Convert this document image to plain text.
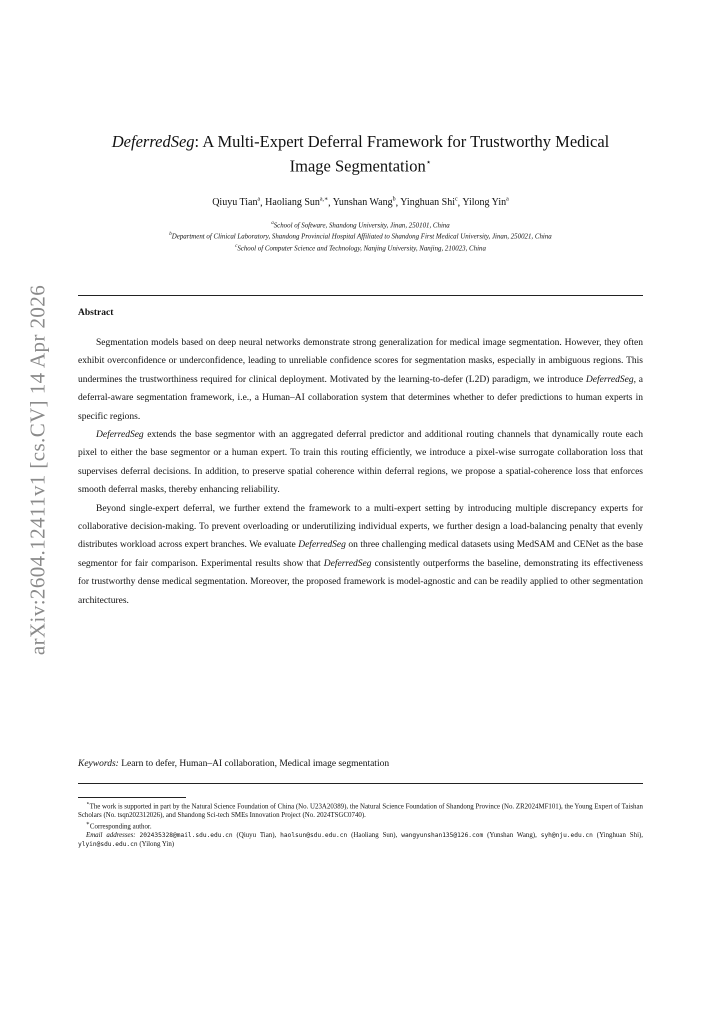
arXiv:2604.12411v1 [cs.CV] 14 Apr 2026
DeferredSeg: A Multi-Expert Deferral Framework for Trustworthy Medical
Image Segmentation⋆
Qiuyu Tian$^a$, Haoliang Sun$^{a,∗}$, Yunshan Wang$^b$, Yinghuan Shi$^c$, Yilong Yin$^a$
$^a$School of Software, Shandong University, Jinan, 250101, China
$^b$Department of Clinical Laboratory, Shandong Provincial Hospital Affiliated to Shandong First Medical University, Jinan, 250021, China
$^c$School of Computer Science and Technology, Nanjing University, Nanjing, 210023, China
Abstract

Segmentation models based on deep neural networks demonstrate strong generalization for medical image segmentation. However, they often exhibit overconfidence or underconfidence, leading to unreliable confidence scores for segmentation masks, especially in ambiguous regions. This undermines the trustworthiness required for clinical deployment. Motivated by the learning-to-defer (L2D) paradigm, we introduce DeferredSeg, a deferral-aware segmentation framework, i.e., a Human–AI collaboration system that determines whether to defer predictions to human experts in specific regions.

DeferredSeg extends the base segmentor with an aggregated deferral predictor and additional routing channels that dynamically route each pixel to either the base segmentor or a human expert. To train this routing efficiently, we introduce a pixel-wise surrogate collaboration loss that supervises deferral decisions. In addition, to preserve spatial coherence within deferral regions, we propose a spatial-coherence loss that enforces smooth deferral masks, thereby enhancing reliability.

Beyond single-expert deferral, we further extend the framework to a multi-expert setting by introducing multiple discrepancy experts for collaborative decision-making. To prevent overloading or underutilizing individual experts, we further design a load-balancing penalty that evenly distributes workload across expert branches. We evaluate DeferredSeg on three challenging medical datasets using MedSAM and CENet as the base segmentor for fair comparison. Experimental results show that DeferredSeg consistently outperforms the baseline, demonstrating its effectiveness for trustworthy dense medical segmentation. Moreover, the proposed framework is model-agnostic and can be readily applied to other segmentation architectures.

Keywords: Learn to defer, Human–AI collaboration, Medical image segmentation

⋆The work is supported in part by the Natural Science Foundation of China (No. U23A20389), the Natural Science Foundation of Shandong Province (No. ZR2024MF101), the Young Expert of Taishan Scholars (No. tsqn202312026), and Shandong Sci-tech SMEs Innovation Project (No. 2024TSGC0740).

∗Corresponding author.

Email addresses: 202435328@mail.sdu.edu.cn (Qiuyu Tian), haolsun@sdu.edu.cn (Haoliang Sun), wangyunshan135@126.com (Yunshan Wang), syh@nju.edu.cn (Yinghuan Shi), ylyin@sdu.edu.cn (Yilong Yin)
